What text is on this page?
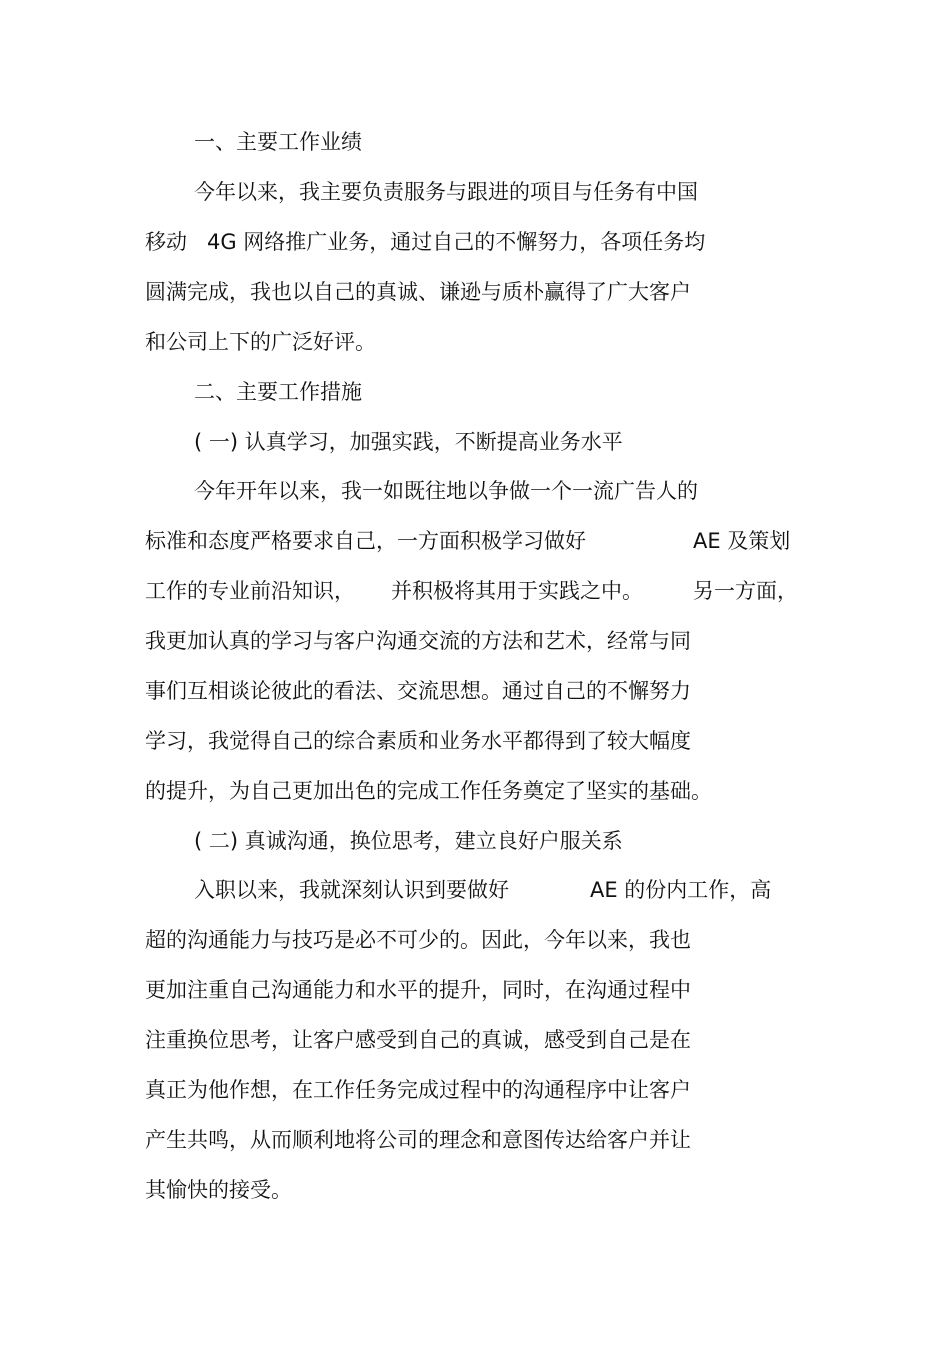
一、主要工作业绩
今年以来，我主要负责服务与跟进的项目与任务有中国

移动

4G 网络推广业务，通过自己的不懈努力，各项任务均

圆满完成，我也以自己的真诚、谦逊与质朴赢得了广大客户
和公司上下的广泛好评。
二、主要工作措施
( 一) 认真学习，加强实践，不断提高业务水平
今年开年以来，我一如既往地以争做一个一流广告人的

标准和态度严格要求自己，一方面积极学习做好

	AE 及策划

工作的专业前沿知识，

并积极将其用于实践之中。

另一方面，

我更加认真的学习与客户沟通交流的方法和艺术，经常与同
事们互相谈论彼此的看法、交流思想。通过自己的不懈努力
学习，我觉得自己的综合素质和业务水平都得到了较大幅度
的提升，为自己更加出色的完成工作任务奠定了坚实的基础。
( 二) 真诚沟通，换位思考，建立良好户服关系

入职以来，我就深刻认识到要做好

	AE 的份内工作，高

超的沟通能力与技巧是必不可少的。因此，今年以来，我也
更加注重自己沟通能力和水平的提升，同时，在沟通过程中
注重换位思考，让客户感受到自己的真诚，感受到自己是在
真正为他作想，在工作任务完成过程中的沟通程序中让客户
产生共鸣，从而顺利地将公司的理念和意图传达给客户并让
其愉快的接受。
